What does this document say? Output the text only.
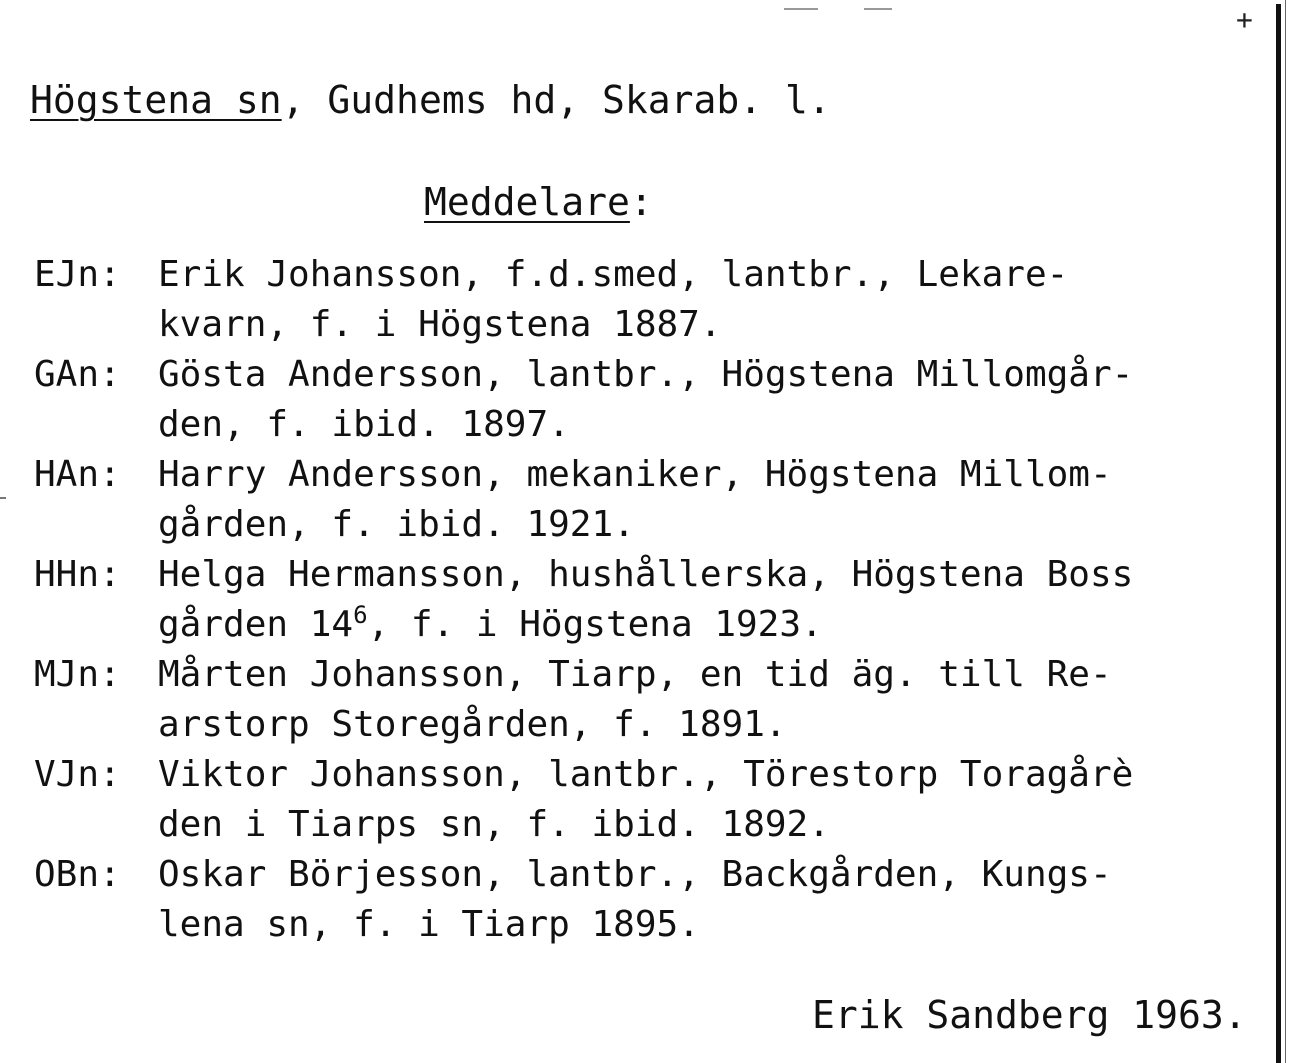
+
Högstena sn, Gudhems hd, Skarab. l.
Meddelare:
EJn:	Erik Johansson, f.d.smed, lantbr., Lekare-
kvarn, f. i Högstena 1887.
GAn:	Gösta Andersson, lantbr., Högstena Millomgår-
den, f. ibid. 1897.
HAn:	Harry Andersson, mekaniker, Högstena Millom-
gården, f. ibid. 1921.
HHn:	Helga Hermansson, hushållerska, Högstena Boss
gården $14^6$, f. i Högstena 1923.
MJn:	Mårten Johansson, Tiarp, en tid äg. till Re-
arstorp Storegården, f. 1891.
VJn:	Viktor Johansson, lantbr., Törestorp Toragårè
den i Tiarps sn, f. ibid. 1892.
OBn:	Oskar Börjesson, lantbr., Backgården, Kungs-
lena sn, f. i Tiarp 1895.
Erik Sandberg 1963.
